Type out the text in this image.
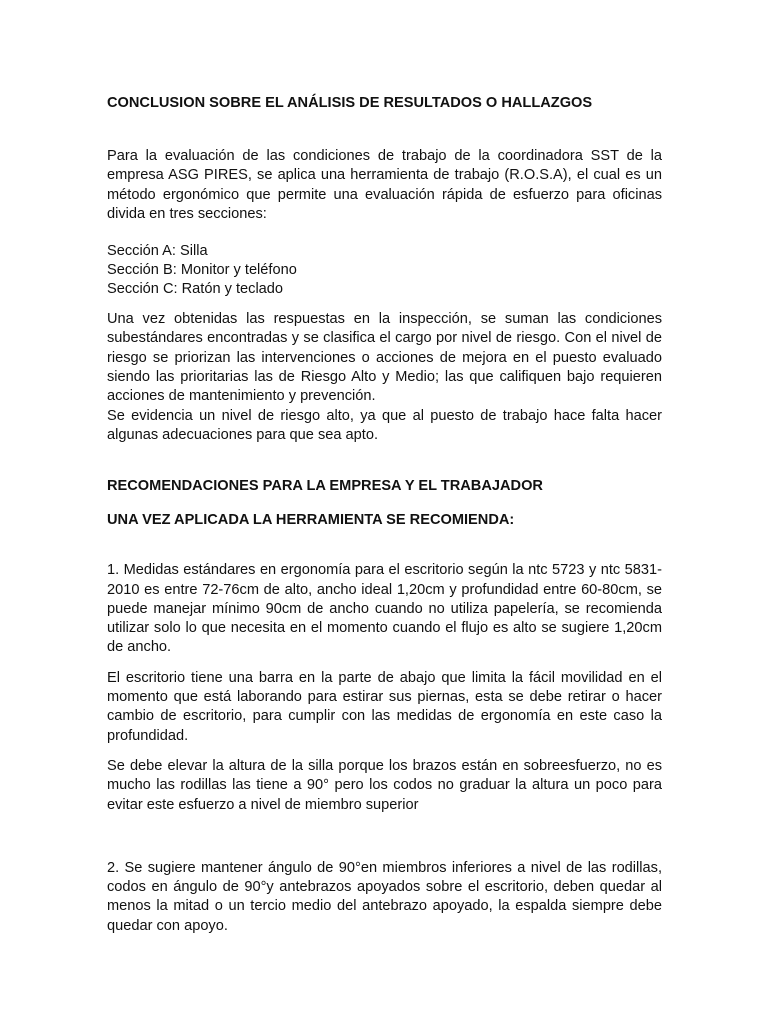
CONCLUSION SOBRE EL ANÁLISIS DE RESULTADOS O HALLAZGOS

Para la evaluación de las condiciones de trabajo de la coordinadora SST de la empresa ASG PIRES, se aplica una herramienta de trabajo (R.O.S.A), el cual es un método ergonómico que permite una evaluación rápida de esfuerzo para oficinas divida en tres secciones:

Sección A: Silla
Sección B: Monitor y teléfono
Sección C: Ratón y teclado

Una vez obtenidas las respuestas en la inspección, se suman las condiciones subestándares encontradas y se clasifica el cargo por nivel de riesgo. Con el nivel de riesgo se priorizan las intervenciones o acciones de mejora en el puesto evaluado siendo las prioritarias las de Riesgo Alto y Medio; las que califiquen bajo requieren acciones de mantenimiento y prevención.

Se evidencia un nivel de riesgo alto, ya que al puesto de trabajo hace falta hacer algunas adecuaciones para que sea apto.

RECOMENDACIONES PARA LA EMPRESA Y EL TRABAJADOR

UNA VEZ APLICADA LA HERRAMIENTA SE RECOMIENDA:

1. Medidas estándares en ergonomía para el escritorio según la ntc 5723 y ntc 5831-2010 es entre 72-76cm de alto, ancho ideal 1,20cm y profundidad entre 60-80cm, se puede manejar mínimo 90cm de ancho cuando no utiliza papelería, se recomienda utilizar solo lo que necesita en el momento cuando el flujo es alto se sugiere 1,20cm de ancho.

El escritorio tiene una barra en la parte de abajo que limita la fácil movilidad en el momento que está laborando para estirar sus piernas, esta se debe retirar o hacer cambio de escritorio, para cumplir con las medidas de ergonomía en este caso la profundidad.

Se debe elevar la altura de la silla porque los brazos están en sobreesfuerzo, no es mucho las rodillas las tiene a 90° pero los codos no graduar la altura un poco para evitar este esfuerzo a nivel de miembro superior

2. Se sugiere mantener ángulo de 90°en miembros inferiores a nivel de las rodillas, codos en ángulo de 90°y antebrazos apoyados sobre el escritorio, deben quedar al menos la mitad o un tercio medio del antebrazo apoyado, la espalda siempre debe quedar con apoyo.
